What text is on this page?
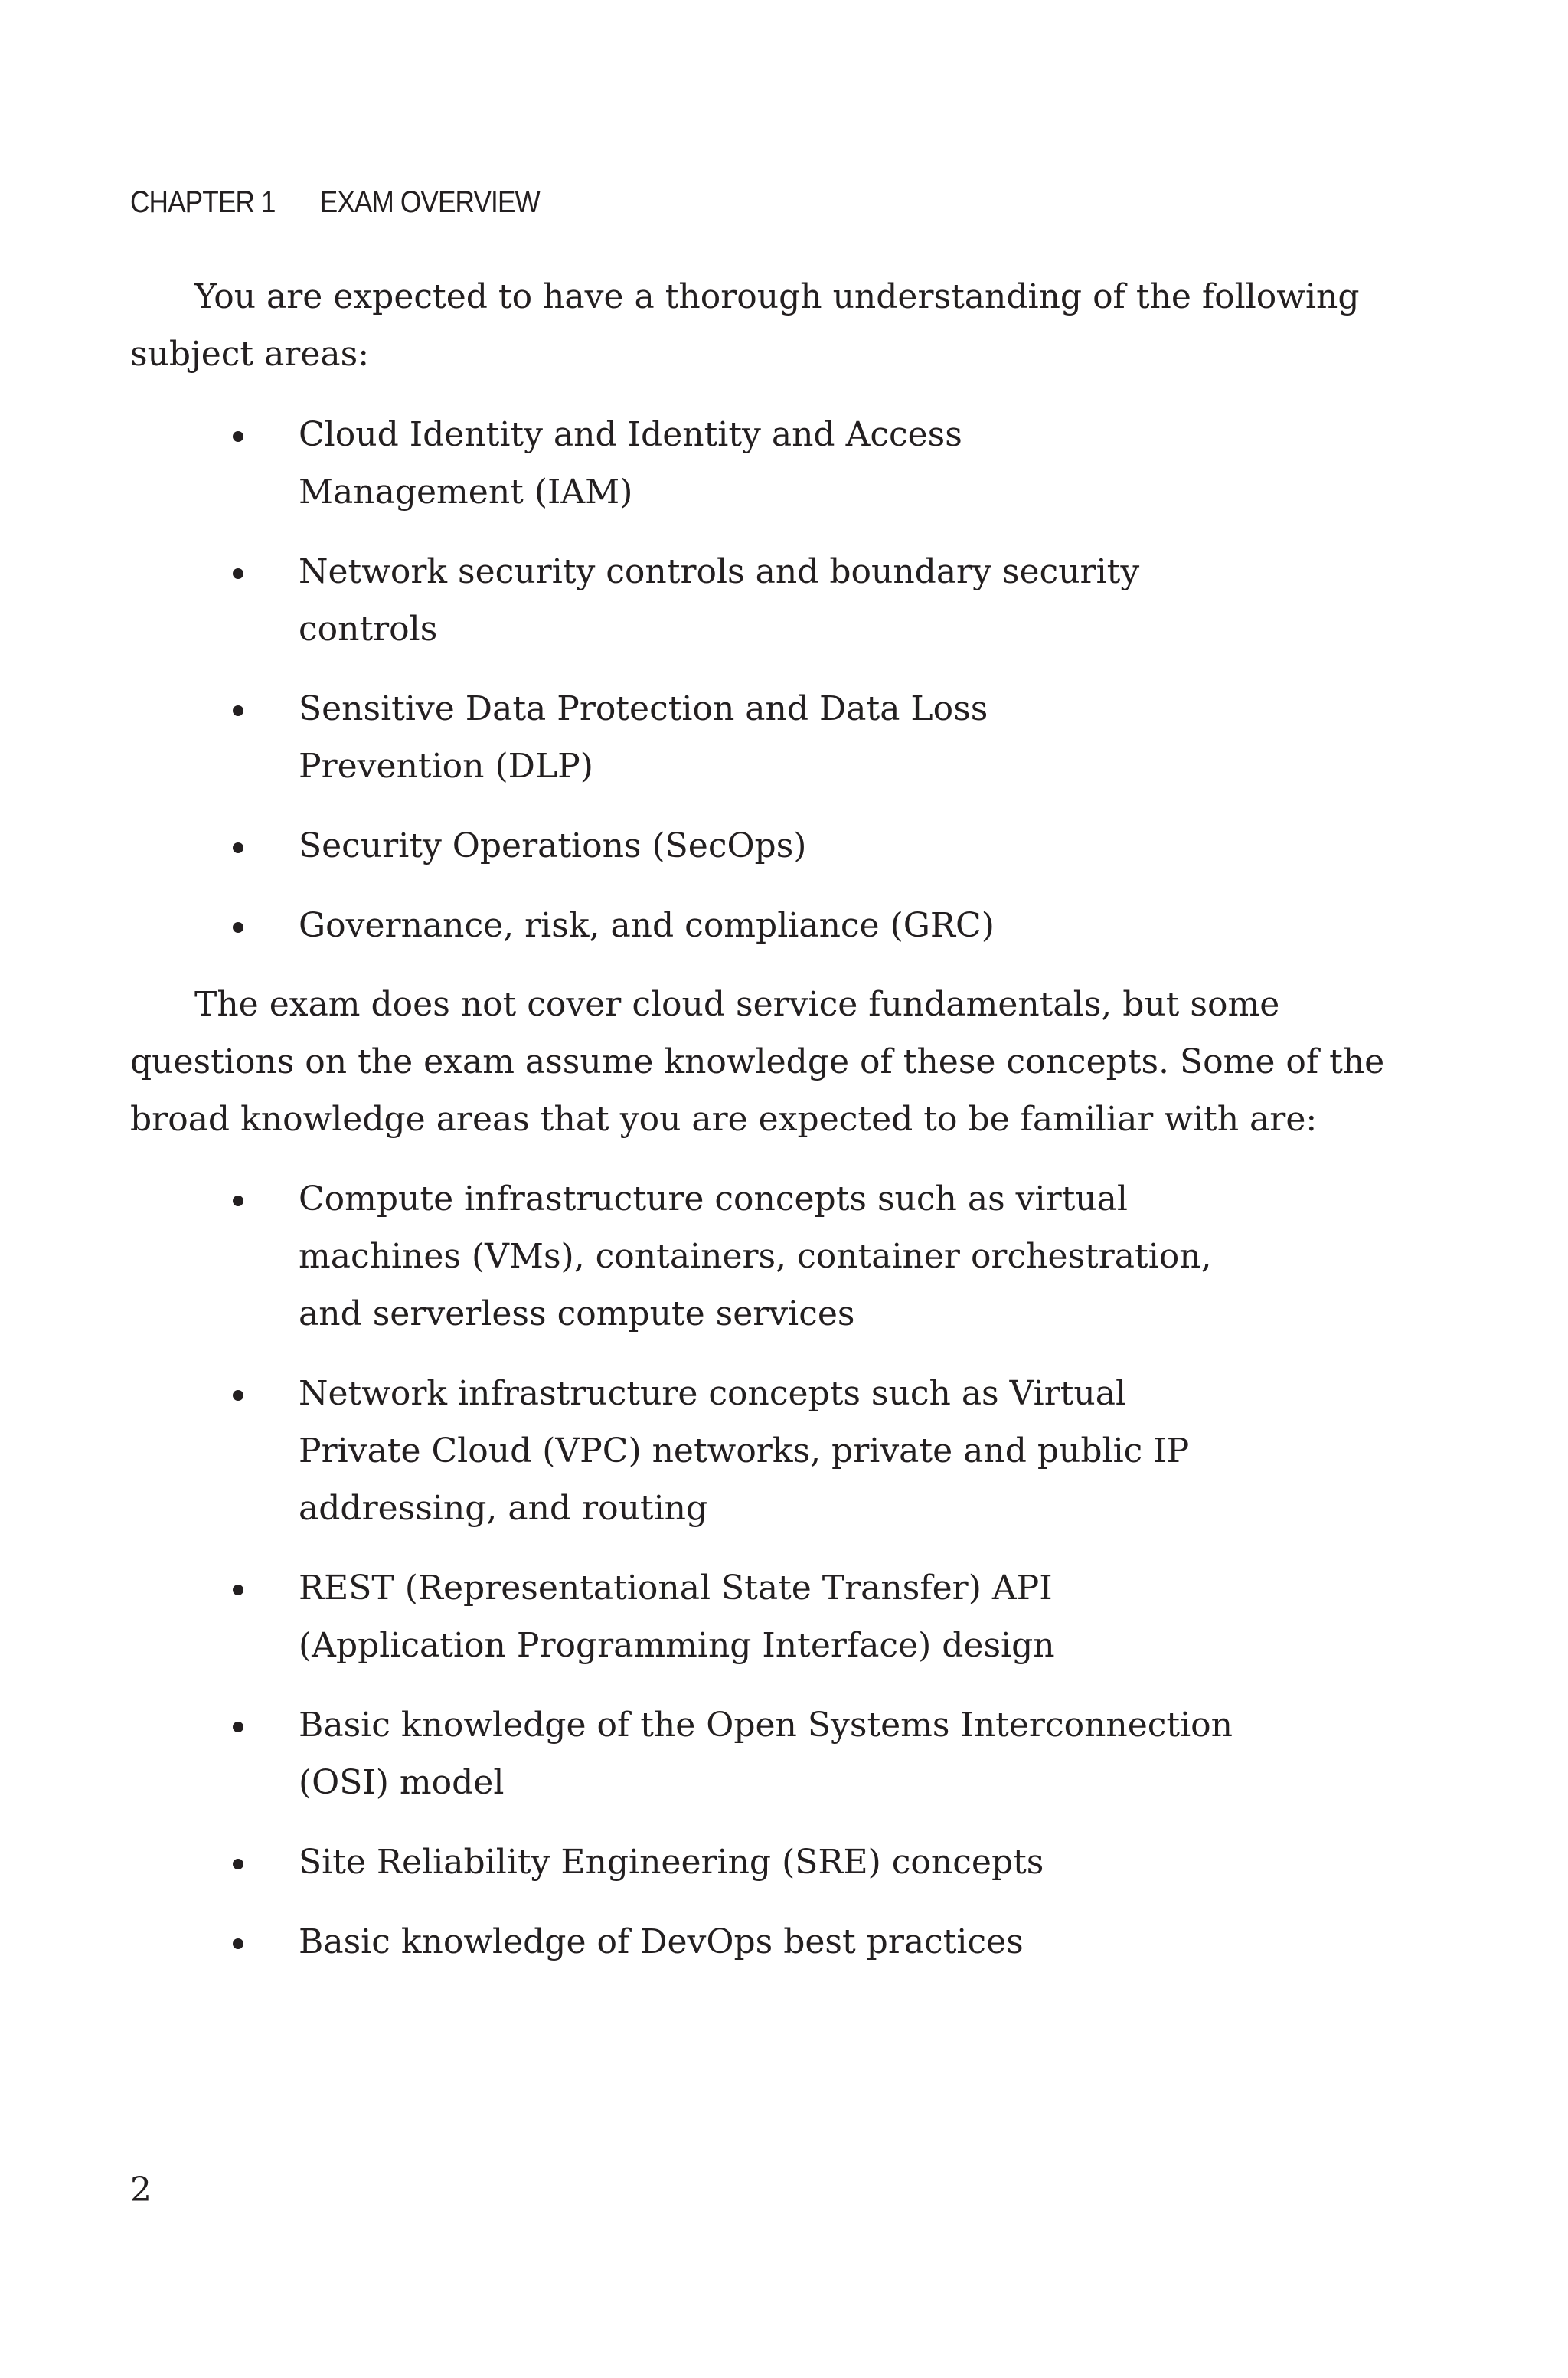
CHAPTER 1 EXAM OVERVIEW
You are expected to have a thorough understanding of the following
subject areas:
Cloud Identity and Identity and Access
Management (IAM)
Network security controls and boundary security
controls
Sensitive Data Protection and Data Loss
Prevention (DLP)
Security Operations (SecOps)
Governance, risk, and compliance (GRC)
The exam does not cover cloud service fundamentals, but some
questions on the exam assume knowledge of these concepts. Some of the
broad knowledge areas that you are expected to be familiar with are:
Compute infrastructure concepts such as virtual
machines (VMs), containers, container orchestration,
and serverless compute services
Network infrastructure concepts such as Virtual
Private Cloud (VPC) networks, private and public IP
addressing, and routing
REST (Representational State Transfer) API
(Application Programming Interface) design
Basic knowledge of the Open Systems Interconnection
(OSI) model
Site Reliability Engineering (SRE) concepts
Basic knowledge of DevOps best practices
2
